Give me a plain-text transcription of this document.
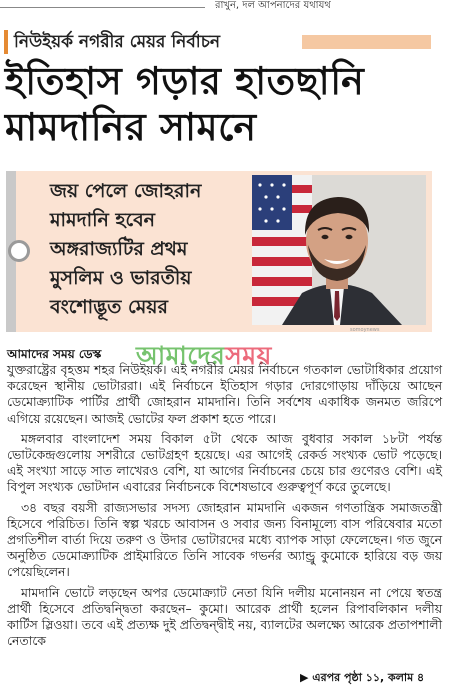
রাখুন, দল আপনাদের যথাযথ
নিউইয়র্ক নগরীর মেয়র নির্বাচন
ইতিহাস গড়ার হাতছানি মামদানির সামনে
জয় পেলে জোহরান মামদানি হবেন অঙ্গরাজ্যটির প্রথম মুসলিম ও ভারতীয় বংশোদ্ভূত মেয়র
somoynews
আমাদেরসময়
আমাদের সময় ডেস্ক

যুক্তরাষ্ট্রের বৃহত্তম শহর নিউইয়র্ক। এই নগরীর মেয়র নির্বাচনে গতকাল ভোটাধিকার প্রয়োগ করেছেন স্থানীয় ভোটাররা। এই নির্বাচনে ইতিহাস গড়ার দোরগোড়ায় দাঁড়িয়ে আছেন ডেমোক্র্যাটিক পার্টির প্রার্থী জোহরান মামদানি। তিনি সর্বশেষ একাধিক জনমত জরিপে এগিয়ে রয়েছেন। আজই ভোটের ফল প্রকাশ হতে পারে।

মঙ্গলবার বাংলাদেশ সময় বিকাল ৫টা থেকে আজ বুধবার সকাল ১৮টা পর্যন্ত ভোটকেন্দ্রগুলোয় সশরীরে ভোটগ্রহণ হয়েছে। এর আগেই রেকর্ড সংখ্যক ভোট পড়েছে। এই সংখ্যা সাড়ে সাত লাখেরও বেশি, যা আগের নির্বাচনের চেয়ে চার গুণেরও বেশি। এই বিপুল সংখ্যক ভোটদান এবারের নির্বাচনকে বিশেষভাবে গুরুত্বপূর্ণ করে তুলেছে।

৩৪ বছর বয়সী রাজ্যসভার সদস্য জোহরান মামদানি একজন গণতান্ত্রিক সমাজতন্ত্রী হিসেবে পরিচিত। তিনি স্বল্প খরচে আবাসন ও সবার জন্য বিনামূল্যে বাস পরিষেবার মতো প্রগতিশীল বার্তা দিয়ে তরুণ ও উদার ভোটারদের মধ্যে ব্যাপক সাড়া ফেলেছেন। গত জুনে অনুষ্ঠিত ডেমোক্র্যাটিক প্রাইমারিতে তিনি সাবেক গভর্নর অ্যান্ড্রু কুমোকে হারিয়ে বড় জয় পেয়েছিলেন।

মামদানি ভোটে লড়ছেন অপর ডেমোক্র্যাট নেতা যিনি দলীয় মনোনয়ন না পেয়ে স্বতন্ত্র প্রার্থী হিসেবে প্রতিদ্বন্দ্বিতা করছেন– কুমো। আরেক প্রার্থী হলেন রিপাবলিকান দলীয় কার্টিস স্লিওয়া। তবে এই প্রত্যক্ষ দুই প্রতিদ্বন্দ্বীই নয়, ব্যালটের অলক্ষ্যে আরেক প্রতাপশালী নেতাকে

▶ এরপর পৃষ্ঠা ১১, কলাম ৪
